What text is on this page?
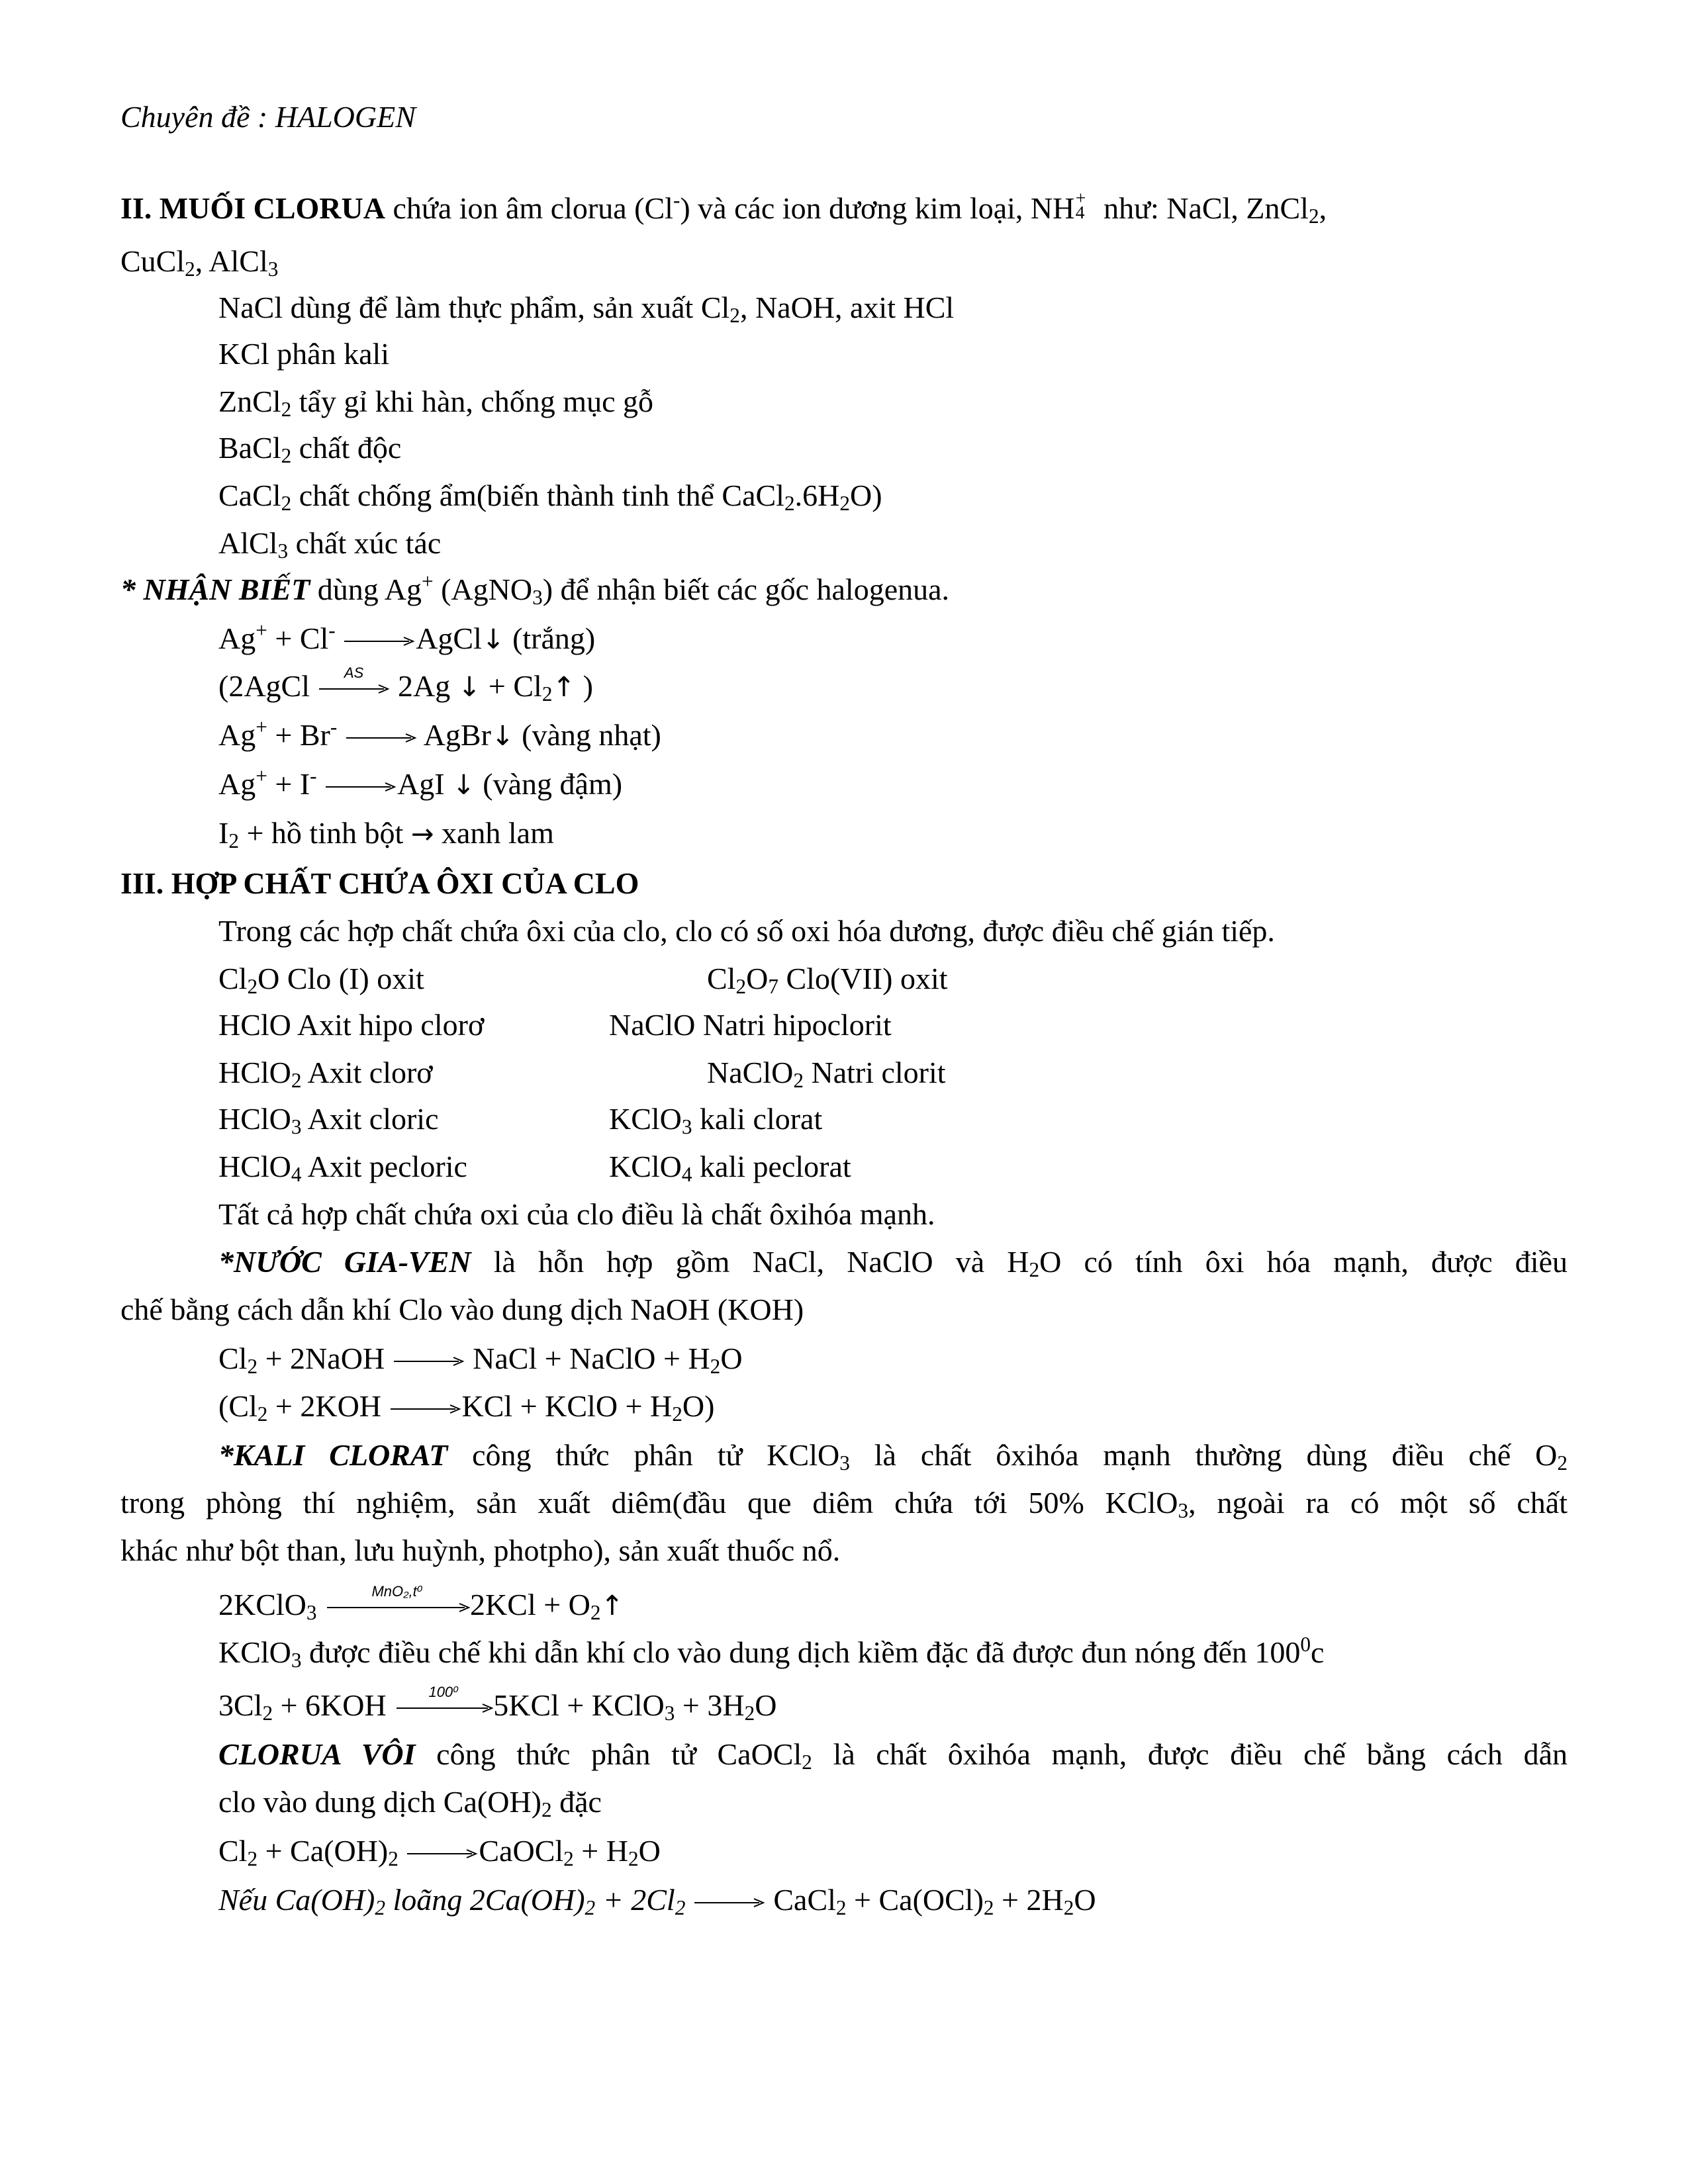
Chuyên đề : HALOGEN
II. MUỐI CLORUA chứa ion âm clorua (Cl-) và các ion dương kim loại, NH +
4 như: NaCl, ZnCl$_2$,
CuCl$_2$, AlCl$_3$
NaCl dùng để làm thực phẩm, sản xuất $Cl_2$, NaOH, axit HCl
KCl phân kali
ZnCl$_2$ tẩy gỉ khi hàn, chống mục gỗ
BaCl$_2$ chất độc
CaCl$_2$ chất chống ẩm(biến thành tinh thể $CaCl_2.6H_2O$)
AlCl$_3$ chất xúc tác
* NHẬN BIẾT dùng Ag+ (AgNO$_3$) để nhận biết các gốc halogenua.
Ag+ + Cl- →AgCl↓ (trắng)
(2AgCl	AS 2Ag ↓ + $Cl_2↑$ )
Ag+ + Br- → AgBr↓ (vàng nhạt)
Ag+ + I- →AgI ↓ (vàng đậm)
$I_2$ + hồ tinh bột → xanh lam
III. HỢP CHẤT CHỨA ÔXI CỦA CLO
Trong các hợp chất chứa ôxi của clo, clo có số oxi hóa dương, được điều chế gián tiếp.
$Cl_2O$ Clo (I) oxit	$Cl_2O_7$ Clo(VII) oxit
HClO Axit hipo clorơ	NaClO Natri hipoclorit
HClO$_2$ Axit clorơ	NaClO$_2$ Natri clorit
HClO$_3$ Axit cloric	KClO$_3$ kali clorat
HClO$_4$ Axit pecloric	KClO$_4$ kali peclorat
Tất cả hợp chất chứa oxi của clo điều là chất ôxihóa mạnh.
*NƯỚC GIA-VEN là hỗn hợp gồm NaCl, NaClO và $H_2O$ có tính ôxi hóa mạnh, được điều
chế bằng cách dẫn khí Clo vào dung dịch NaOH (KOH)
$Cl_2$ + 2NaOH → NaCl + NaClO + $H_2O$
($Cl_2 + 2KOH \to KCl$ + KClO + $H_2O$)
*KALI CLORAT công thức phân tử KClO$_3$ là chất ôxihóa mạnh thường dùng điều chế $O_2$
trong phòng thí nghiệm, sản xuất diêm(đầu que diêm chứa tới 50% KClO$_3$, ngoài ra có một số chất
khác như bột than, lưu huỳnh, photpho), sản xuất thuốc nổ.
2KClO$_3$
MnO₂,t⁰	$2KCl + O_2↑$
KClO$_3$ được điều chế khi dẫn khí clo vào dung dịch kiềm đặc đã được đun nóng đến $100^0c$
$3Cl_2 + 6KOH$	100⁰	5KCl + KClO$_3$ + $3H_2O$
CLORUA VÔI công thức phân tử CaOCl$_2$ là chất ôxihóa mạnh, được điều chế bằng cách dẫn
clo vào dung dịch $Ca(OH)_2$ đặc
$Cl_2 + Ca(OH)_2$ →CaOCl$_2$ + $H_2O$
Nếu $Ca(OH)_2$ loãng $2Ca(OH)_2 + 2Cl_2$ → CaCl$_2$ + $Ca(OCl)_2 + 2H_2O$
